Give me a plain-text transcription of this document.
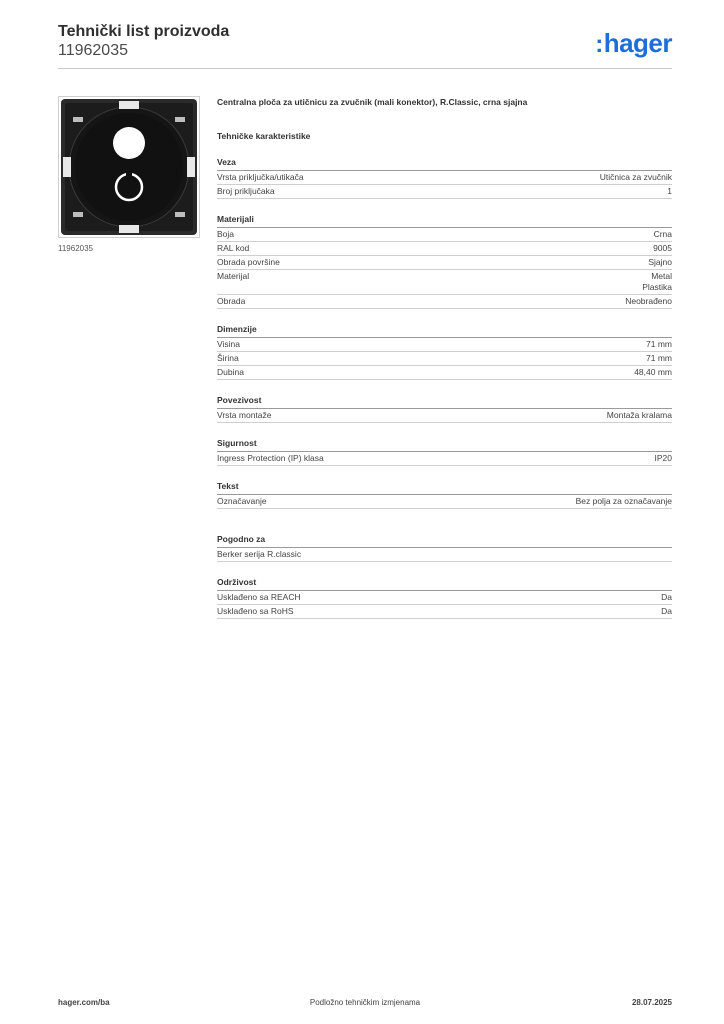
Tehnički list proizvoda
11962035	:hager
11962035
Centralna ploča za utičnicu za zvučnik (mali konektor), R.Classic, crna sjajna
Tehničke karakteristike
Veza
Vrsta priključka/utikača	Utičnica za zvučnik
Broj priključaka	1
Materijali
Boja	Crna
RAL kod	9005
Obrada površine	Sjajno
Materijal	Metal
Plastika
Obrada	Neobrađeno
Dimenzije
Visina	71 mm
Širina	71 mm
Dubina	48,40 mm
Povezivost
Vrsta montaže	Montaža kralama
Sigurnost
Ingress Protection (IP) klasa	IP20
Tekst
Označavanje	Bez polja za označavanje
Pogodno za
Berker serija R.classic
Održivost
Usklađeno sa REACH	Da
Usklađeno sa RoHS	Da
hager.com/ba	Podložno tehničkim izmjenama	28.07.2025
